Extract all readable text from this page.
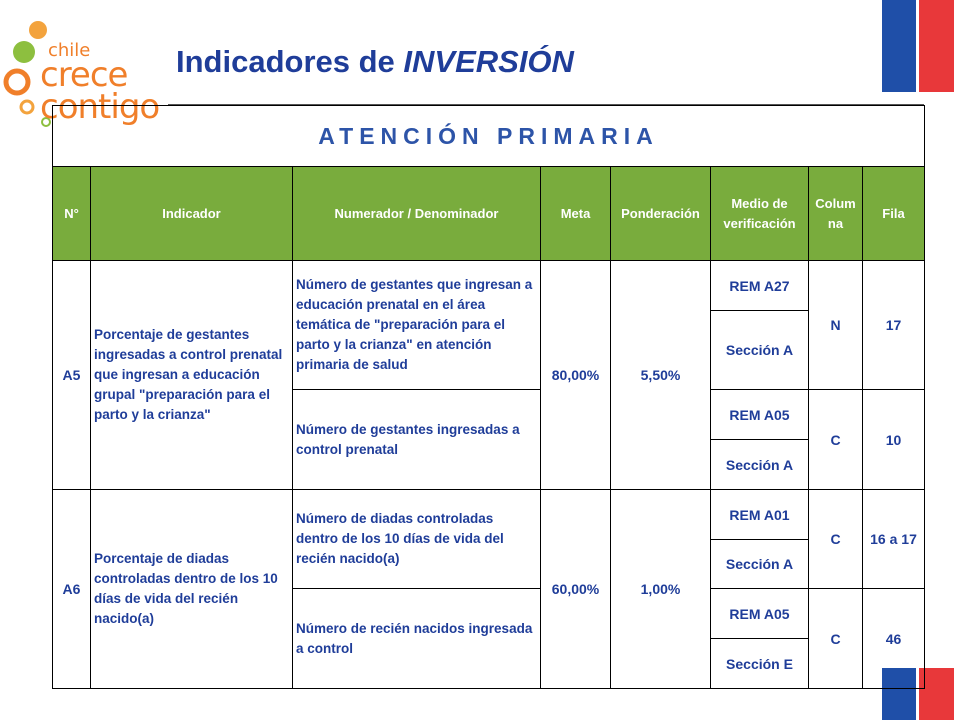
chile
crece
contigo
Indicadores de INVERSIÓN
ATENCIÓN PRIMARIA							
N°	Indicador	Numerador / Denominador	Meta	Ponderación	Medio de verificación	Colum na	Fila
A5	Porcentaje de gestantes ingresadas a control prenatal que ingresan a educación grupal "preparación para el parto y la crianza"	Número de gestantes que ingresan a educación prenatal en el área temática de "preparación para el parto y la crianza" en atención primaria de salud	80,00%	5,50%	REM A27	N	17
					Sección A		
		Número de gestantes ingresadas a control prenatal			REM A05	C	10
					Sección A		
A6	Porcentaje de diadas controladas dentro de los 10 días de vida del recién nacido(a)	Número de diadas controladas dentro de los 10 días de vida del recién nacido(a)	60,00%	1,00%	REM A01	C	16 a 17
					Sección A		
		Número de recién nacidos ingresada a control			REM A05	C	46
					Sección E		
